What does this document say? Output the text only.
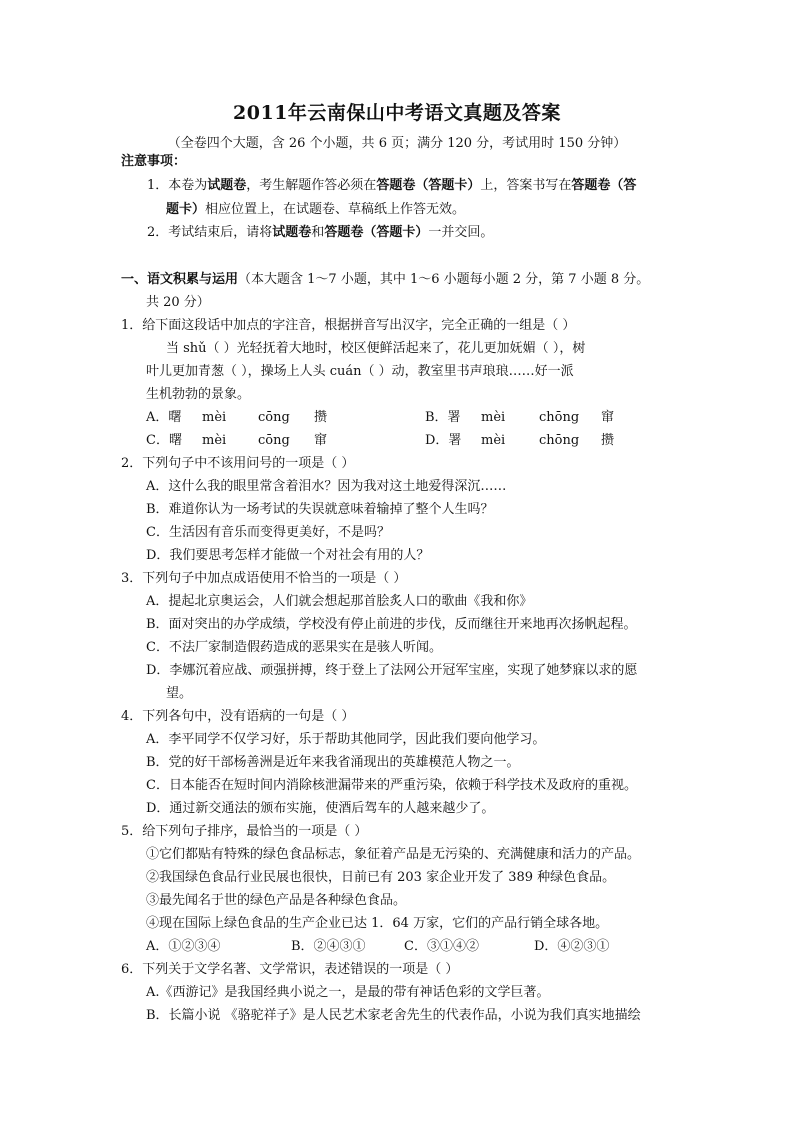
2011年云南保山中考语文真题及答案
（全卷四个大题，含 26 个小题，共 6 页；满分 120 分，考试用时 150 分钟）
注意事项：
1．本卷为试题卷，考生解题作答必须在答题卷（答题卡）上，答案书写在答题卷（答
题卡）相应位置上，在试题卷、草稿纸上作答无效。
2．考试结束后，请将试题卷和答题卷（答题卡）一并交回。
一、语文积累与运用（本大题含 1～7 小题，其中 1～6 小题每小题 2 分，第 7 小题 8 分。
共 20 分）
1．给下面这段话中加点的字注音，根据拼音写出汉字，完全正确的一组是（ ）
当 shǔ（ ）光轻抚着大地时，校区便鲜活起来了，花儿更加妩媚（ ），树
叶儿更加青葱（ ），操场上人头 cuán（ ）动，教室里书声琅琅……好一派
生机勃勃的景象。
A．曙 mèi cōng 攒	B．署 mèi	chōng 窜
C．曙 mèi cōng 窜	D．署 mèi	chōng 攒
2．下列句子中不该用问号的一项是（ ）
A．这什么我的眼里常含着泪水？因为我对这土地爱得深沉……
B．难道你认为一场考试的失误就意味着输掉了整个人生吗？
C．生活因有音乐而变得更美好，不是吗？
D．我们要思考怎样才能做一个对社会有用的人？
3．下列句子中加点成语使用不恰当的一项是（ ）
A．提起北京奥运会，人们就会想起那首脍炙人口的歌曲《我和你》
B．面对突出的办学成绩，学校没有停止前进的步伐，反而继往开来地再次扬帆起程。
C．不法厂家制造假药造成的恶果实在是骇人听闻。
D．李娜沉着应战、顽强拼搏，终于登上了法网公开冠军宝座，实现了她梦寐以求的愿
望。
4．下列各句中，没有语病的一句是（ ）
A．李平同学不仅学习好，乐于帮助其他同学，因此我们要向他学习。
B．党的好干部杨善洲是近年来我省涌现出的英雄模范人物之一。
C．日本能否在短时间内消除核泄漏带来的严重污染，依赖于科学技术及政府的重视。
D．通过新交通法的颁布实施，使酒后驾车的人越来越少了。
5．给下列句子排序，最恰当的一项是（ ）
①它们都贴有特殊的绿色食品标志，象征着产品是无污染的、充满健康和活力的产品。
②我国绿色食品行业民展也很快，日前已有 203 家企业开发了 389 种绿色食品。
③最先闻名于世的绿色产品是各种绿色食品。
④现在国际上绿色食品的生产企业已达 1．64 万家，它们的产品行销全球各地。
A．①②③④	B．②④③①	C．③①④②	D．④②③①
6．下列关于文学名著、文学常识，表述错误的一项是（ ）
A.《西游记》是我国经典小说之一，是最的带有神话色彩的文学巨著。
B．长篇小说 《骆驼祥子》是人民艺术家老舍先生的代表作品，小说为我们真实地描绘
